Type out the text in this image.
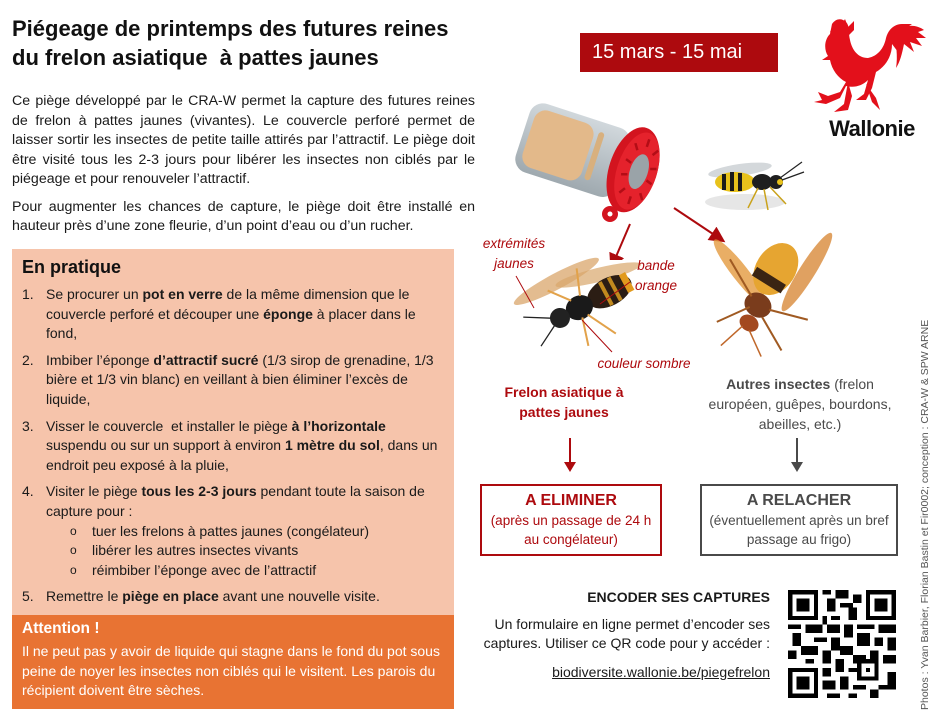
Piégeage de printemps des futures reines
du frelon asiatique  à pattes jaunes	15 mars - 15 mai
Wallonie

Ce piège développé par le CRA-W permet la capture des futures reines de frelon à pattes jaunes (vivantes). Le couvercle perforé permet de laisser sortir les insectes de petite taille attirés par l’attractif. Le piège doit être visité tous les 2-3 jours pour libérer les insectes non ciblés par le piégeage et pour renouveler l’attractif.

Pour augmenter les chances de capture, le piège doit être installé en hauteur près d’une zone fleurie, d’un point d’eau ou d’un rucher.

En pratique
1. Se procurer un pot en verre de la même dimension que le couvercle perforé et découper une éponge à placer dans le fond,
2. Imbiber l’éponge d’attractif sucré (1/3 sirop de grenadine, 1/3 bière et 1/3 vin blanc) en veillant à bien éliminer l’excès de liquide,
3. Visser le couvercle  et installer le piège à l’horizontale suspendu ou sur un support à environ 1 mètre du sol, dans un endroit peu exposé à la pluie,
4. Visiter le piège tous les 2-3 jours pendant toute la saison de capture pour :
o tuer les frelons à pattes jaunes (congélateur)
o libérer les autres insectes vivants
o réimbiber l’éponge avec de l’attractif
5. Remettre le piège en place avant une nouvelle visite.
Attention !

Il ne peut pas y avoir de liquide qui stagne dans le fond du pot sous peine de noyer les insectes non ciblés qui le visitent. Les parois du récipient doivent être sèches.

extrémités jaunes	bande orange
couleur sombre
Frelon asiatique à pattes jaunes
Autres insectes (frelon européen, guêpes, bourdons, abeilles, etc.)
A ELIMINER
(après un passage de 24 h au congélateur)
A RELACHER
(éventuellement après un bref passage au frigo)
ENCODER SES CAPTURES

Un formulaire en ligne permet d’encoder ses captures. Utiliser ce QR code pour y accéder :

biodiversite.wallonie.be/piegefrelon	Photos : Yvan Barbier, Florian Bastin et Fir0002; conception : CRA-W & SPW ARNE
